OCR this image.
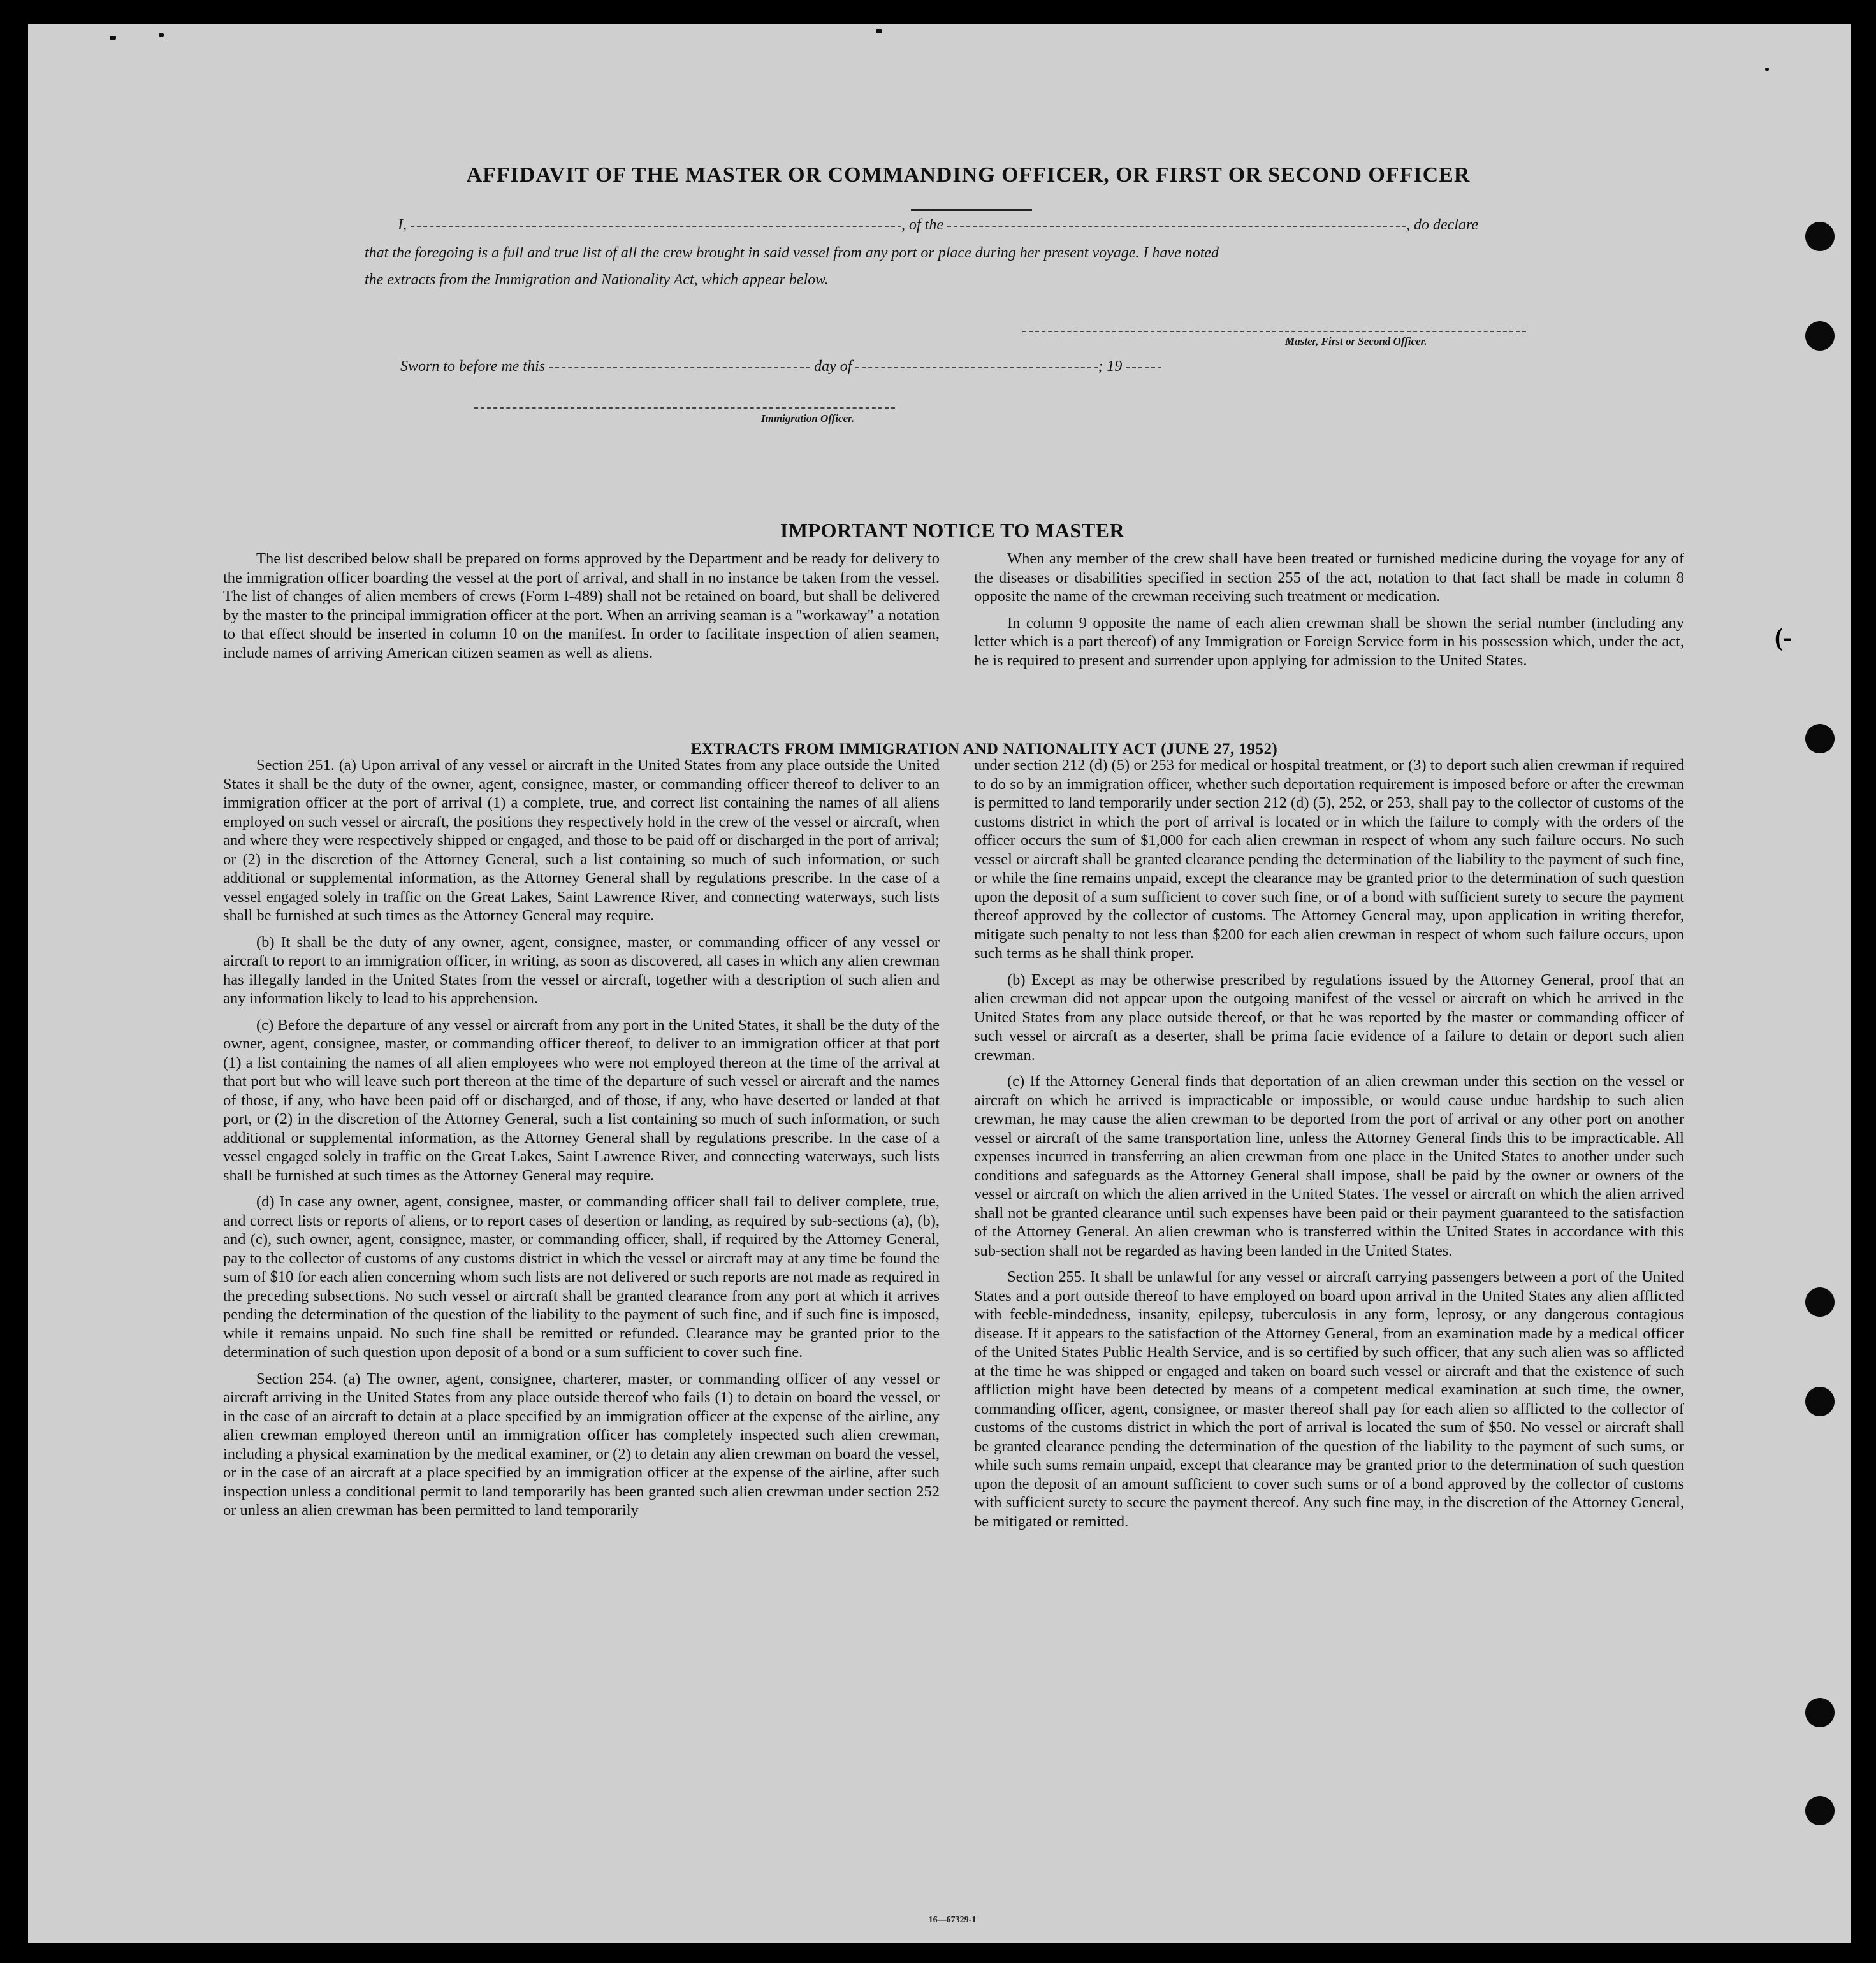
(-
AFFIDAVIT OF THE MASTER OR COMMANDING OFFICER, OR FIRST OR SECOND OFFICER
I,	, of the	, do declare
that the foregoing is a full and true list of all the crew brought in said vessel from any port or place during her present voyage. I have noted
the extracts from the Immigration and Nationality Act, which appear below.
Master, First or Second Officer.
Sworn to before me this	day of	; 19
Immigration Officer.
IMPORTANT NOTICE TO MASTER

The list described below shall be prepared on forms approved by the Department and be ready for delivery to the immigration officer boarding the vessel at the port of arrival, and shall in no instance be taken from the vessel. The list of changes of alien members of crews (Form I-489) shall not be retained on board, but shall be delivered by the master to the principal immigration officer at the port. When an arriving seaman is a "workaway" a notation to that effect should be inserted in column 10 on the manifest. In order to facilitate inspection of alien seamen, include names of arriving American citizen seamen as well as aliens.

When any member of the crew shall have been treated or furnished medicine during the voyage for any of the diseases or disabilities specified in section 255 of the act, notation to that fact shall be made in column 8 opposite the name of the crewman receiving such treatment or medication.

In column 9 opposite the name of each alien crewman shall be shown the serial number (including any letter which is a part thereof) of any Immigration or Foreign Service form in his possession which, under the act, he is required to present and surrender upon applying for admission to the United States.

EXTRACTS FROM IMMIGRATION AND NATIONALITY ACT (JUNE 27, 1952)

Section 251. (a) Upon arrival of any vessel or aircraft in the United States from any place outside the United States it shall be the duty of the owner, agent, consignee, master, or commanding officer thereof to deliver to an immigration officer at the port of arrival (1) a complete, true, and correct list containing the names of all aliens employed on such vessel or aircraft, the positions they respectively hold in the crew of the vessel or aircraft, when and where they were respectively shipped or engaged, and those to be paid off or discharged in the port of arrival; or (2) in the discretion of the Attorney General, such a list containing so much of such information, or such additional or supplemental information, as the Attorney General shall by regulations prescribe. In the case of a vessel engaged solely in traffic on the Great Lakes, Saint Lawrence River, and connecting waterways, such lists shall be furnished at such times as the Attorney General may require.

(b) It shall be the duty of any owner, agent, consignee, master, or commanding officer of any vessel or aircraft to report to an immigration officer, in writing, as soon as discovered, all cases in which any alien crewman has illegally landed in the United States from the vessel or aircraft, together with a description of such alien and any information likely to lead to his apprehension.

(c) Before the departure of any vessel or aircraft from any port in the United States, it shall be the duty of the owner, agent, consignee, master, or commanding officer thereof, to deliver to an immigration officer at that port (1) a list containing the names of all alien employees who were not employed thereon at the time of the arrival at that port but who will leave such port thereon at the time of the departure of such vessel or aircraft and the names of those, if any, who have been paid off or discharged, and of those, if any, who have deserted or landed at that port, or (2) in the discretion of the Attorney General, such a list containing so much of such information, or such additional or supplemental information, as the Attorney General shall by regulations prescribe. In the case of a vessel engaged solely in traffic on the Great Lakes, Saint Lawrence River, and connecting waterways, such lists shall be furnished at such times as the Attorney General may require.

(d) In case any owner, agent, consignee, master, or commanding officer shall fail to deliver complete, true, and correct lists or reports of aliens, or to report cases of desertion or landing, as required by sub-sections (a), (b), and (c), such owner, agent, consignee, master, or commanding officer, shall, if required by the Attorney General, pay to the collector of customs of any customs district in which the vessel or aircraft may at any time be found the sum of $10 for each alien concerning whom such lists are not delivered or such reports are not made as required in the preceding subsections. No such vessel or aircraft shall be granted clearance from any port at which it arrives pending the determination of the question of the liability to the payment of such fine, and if such fine is imposed, while it remains unpaid. No such fine shall be remitted or refunded. Clearance may be granted prior to the determination of such question upon deposit of a bond or a sum sufficient to cover such fine.

Section 254. (a) The owner, agent, consignee, charterer, master, or commanding officer of any vessel or aircraft arriving in the United States from any place outside thereof who fails (1) to detain on board the vessel, or in the case of an aircraft to detain at a place specified by an immigration officer at the expense of the airline, any alien crewman employed thereon until an immigration officer has completely inspected such alien crewman, including a physical examination by the medical examiner, or (2) to detain any alien crewman on board the vessel, or in the case of an aircraft at a place specified by an immigration officer at the expense of the airline, after such inspection unless a conditional permit to land temporarily has been granted such alien crewman under section 252 or unless an alien crewman has been permitted to land temporarily

under section 212 (d) (5) or 253 for medical or hospital treatment, or (3) to deport such alien crewman if required to do so by an immigration officer, whether such deportation requirement is imposed before or after the crewman is permitted to land temporarily under section 212 (d) (5), 252, or 253, shall pay to the collector of customs of the customs district in which the port of arrival is located or in which the failure to comply with the orders of the officer occurs the sum of $1,000 for each alien crewman in respect of whom any such failure occurs. No such vessel or aircraft shall be granted clearance pending the determination of the liability to the payment of such fine, or while the fine remains unpaid, except the clearance may be granted prior to the determination of such question upon the deposit of a sum sufficient to cover such fine, or of a bond with sufficient surety to secure the payment thereof approved by the collector of customs. The Attorney General may, upon application in writing therefor, mitigate such penalty to not less than $200 for each alien crewman in respect of whom such failure occurs, upon such terms as he shall think proper.

(b) Except as may be otherwise prescribed by regulations issued by the Attorney General, proof that an alien crewman did not appear upon the outgoing manifest of the vessel or aircraft on which he arrived in the United States from any place outside thereof, or that he was reported by the master or commanding officer of such vessel or aircraft as a deserter, shall be prima facie evidence of a failure to detain or deport such alien crewman.

(c) If the Attorney General finds that deportation of an alien crewman under this section on the vessel or aircraft on which he arrived is impracticable or impossible, or would cause undue hardship to such alien crewman, he may cause the alien crewman to be deported from the port of arrival or any other port on another vessel or aircraft of the same transportation line, unless the Attorney General finds this to be impracticable. All expenses incurred in transferring an alien crewman from one place in the United States to another under such conditions and safeguards as the Attorney General shall impose, shall be paid by the owner or owners of the vessel or aircraft on which the alien arrived in the United States. The vessel or aircraft on which the alien arrived shall not be granted clearance until such expenses have been paid or their payment guaranteed to the satisfaction of the Attorney General. An alien crewman who is transferred within the United States in accordance with this sub-section shall not be regarded as having been landed in the United States.

Section 255. It shall be unlawful for any vessel or aircraft carrying passengers between a port of the United States and a port outside thereof to have employed on board upon arrival in the United States any alien afflicted with feeble-mindedness, insanity, epilepsy, tuberculosis in any form, leprosy, or any dangerous contagious disease. If it appears to the satisfaction of the Attorney General, from an examination made by a medical officer of the United States Public Health Service, and is so certified by such officer, that any such alien was so afflicted at the time he was shipped or engaged and taken on board such vessel or aircraft and that the existence of such affliction might have been detected by means of a competent medical examination at such time, the owner, commanding officer, agent, consignee, or master thereof shall pay for each alien so afflicted to the collector of customs of the customs district in which the port of arrival is located the sum of $50. No vessel or aircraft shall be granted clearance pending the determination of the question of the liability to the payment of such sums, or while such sums remain unpaid, except that clearance may be granted prior to the determination of such question upon the deposit of an amount sufficient to cover such sums or of a bond approved by the collector of customs with sufficient surety to secure the payment thereof. Any such fine may, in the discretion of the Attorney General, be mitigated or remitted.

16—67329-1
